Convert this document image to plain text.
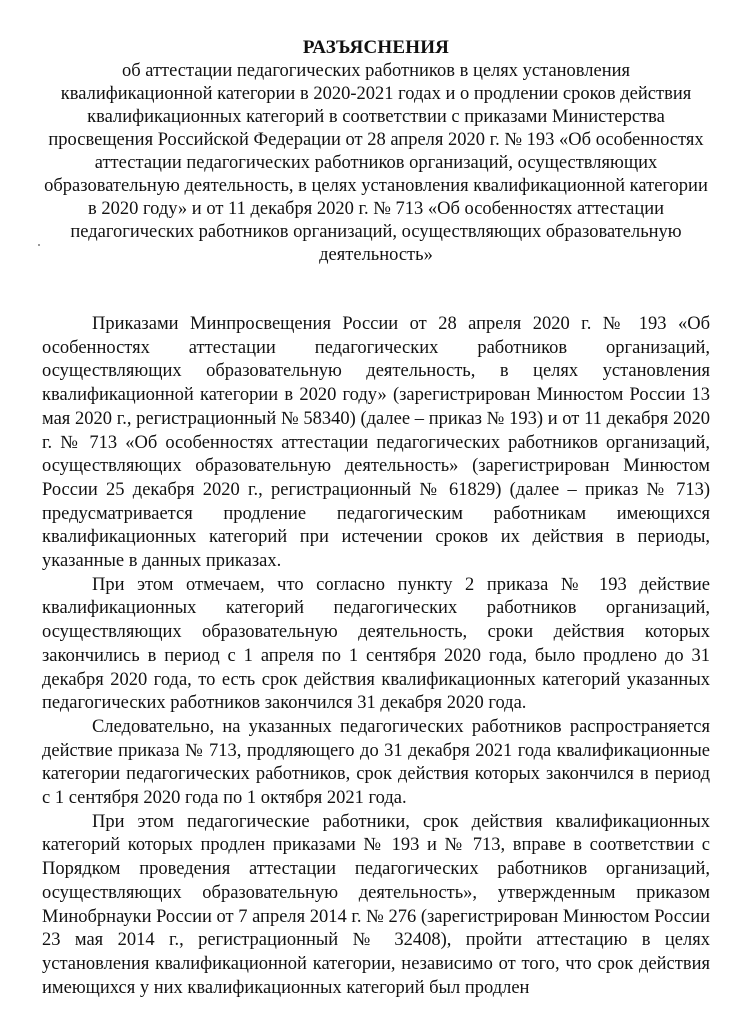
РАЗЪЯСНЕНИЯ

об аттестации педагогических работников в целях установления квалификационной категории в 2020-2021 годах и о продлении сроков действия квалификационных категорий в соответствии с приказами Министерства просвещения Российской Федерации от 28 апреля 2020 г. № 193 «Об особенностях аттестации педагогических работников организаций, осуществляющих образовательную деятельность, в целях установления квалификационной категории в 2020 году» и от 11 декабря 2020 г. № 713 «Об особенностях аттестации педагогических работников организаций, осуществляющих образовательную деятельность»

Приказами Минпросвещения России от 28 апреля 2020 г. № 193 «Об особенностях аттестации педагогических работников организаций, осуществляющих образовательную деятельность, в целях установления квалификационной категории в 2020 году» (зарегистрирован Минюстом России 13 мая 2020 г., регистрационный № 58340) (далее – приказ № 193) и от 11 декабря 2020 г. № 713 «Об особенностях аттестации педагогических работников организаций, осуществляющих образовательную деятельность» (зарегистрирован Минюстом России 25 декабря 2020 г., регистрационный № 61829) (далее – приказ № 713) предусматривается продление педагогическим работникам имеющихся квалификационных категорий при истечении сроков их действия в периоды, указанные в данных приказах.

При этом отмечаем, что согласно пункту 2 приказа № 193 действие квалификационных категорий педагогических работников организаций, осуществляющих образовательную деятельность, сроки действия которых закончились в период с 1 апреля по 1 сентября 2020 года, было продлено до 31 декабря 2020 года, то есть срок действия квалификационных категорий указанных педагогических работников закончился 31 декабря 2020 года.

Следовательно, на указанных педагогических работников распространяется действие приказа № 713, продляющего до 31 декабря 2021 года квалификационные категории педагогических работников, срок действия которых закончился в период с 1 сентября 2020 года по 1 октября 2021 года.

При этом педагогические работники, срок действия квалификационных категорий которых продлен приказами № 193 и № 713, вправе в соответствии с Порядком проведения аттестации педагогических работников организаций, осуществляющих образовательную деятельность», утвержденным приказом Минобрнауки России от 7 апреля 2014 г. № 276 (зарегистрирован Минюстом России 23 мая 2014 г., регистрационный № 32408), пройти аттестацию в целях установления квалификационной категории, независимо от того, что срок действия имеющихся у них квалификационных категорий был продлен
